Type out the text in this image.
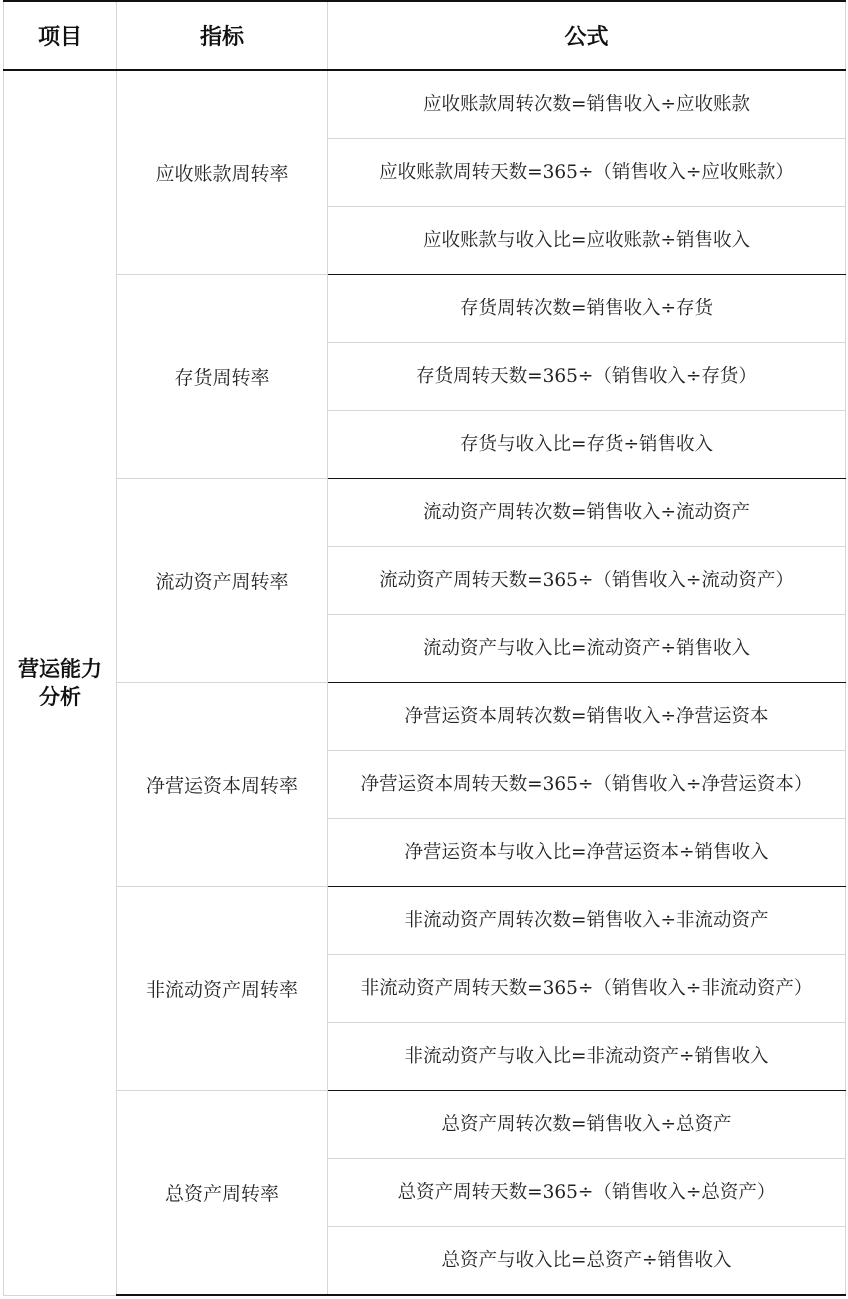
项目	指标	公式
营运能力分析	应收账款周转率	应收账款周转次数=销售收入÷应收账款
		应收账款周转天数=365÷（销售收入÷应收账款）
		应收账款与收入比=应收账款÷销售收入
	存货周转率	存货周转次数=销售收入÷存货
		存货周转天数=365÷（销售收入÷存货）
		存货与收入比=存货÷销售收入
	流动资产周转率	流动资产周转次数=销售收入÷流动资产
		流动资产周转天数=365÷（销售收入÷流动资产）
		流动资产与收入比=流动资产÷销售收入
	净营运资本周转率	净营运资本周转次数=销售收入÷净营运资本
		净营运资本周转天数=365÷（销售收入÷净营运资本）
		净营运资本与收入比=净营运资本÷销售收入
	非流动资产周转率	非流动资产周转次数=销售收入÷非流动资产
		非流动资产周转天数=365÷（销售收入÷非流动资产）
		非流动资产与收入比=非流动资产÷销售收入
	总资产周转率	总资产周转次数=销售收入÷总资产
		总资产周转天数=365÷（销售收入÷总资产）
		总资产与收入比=总资产÷销售收入
